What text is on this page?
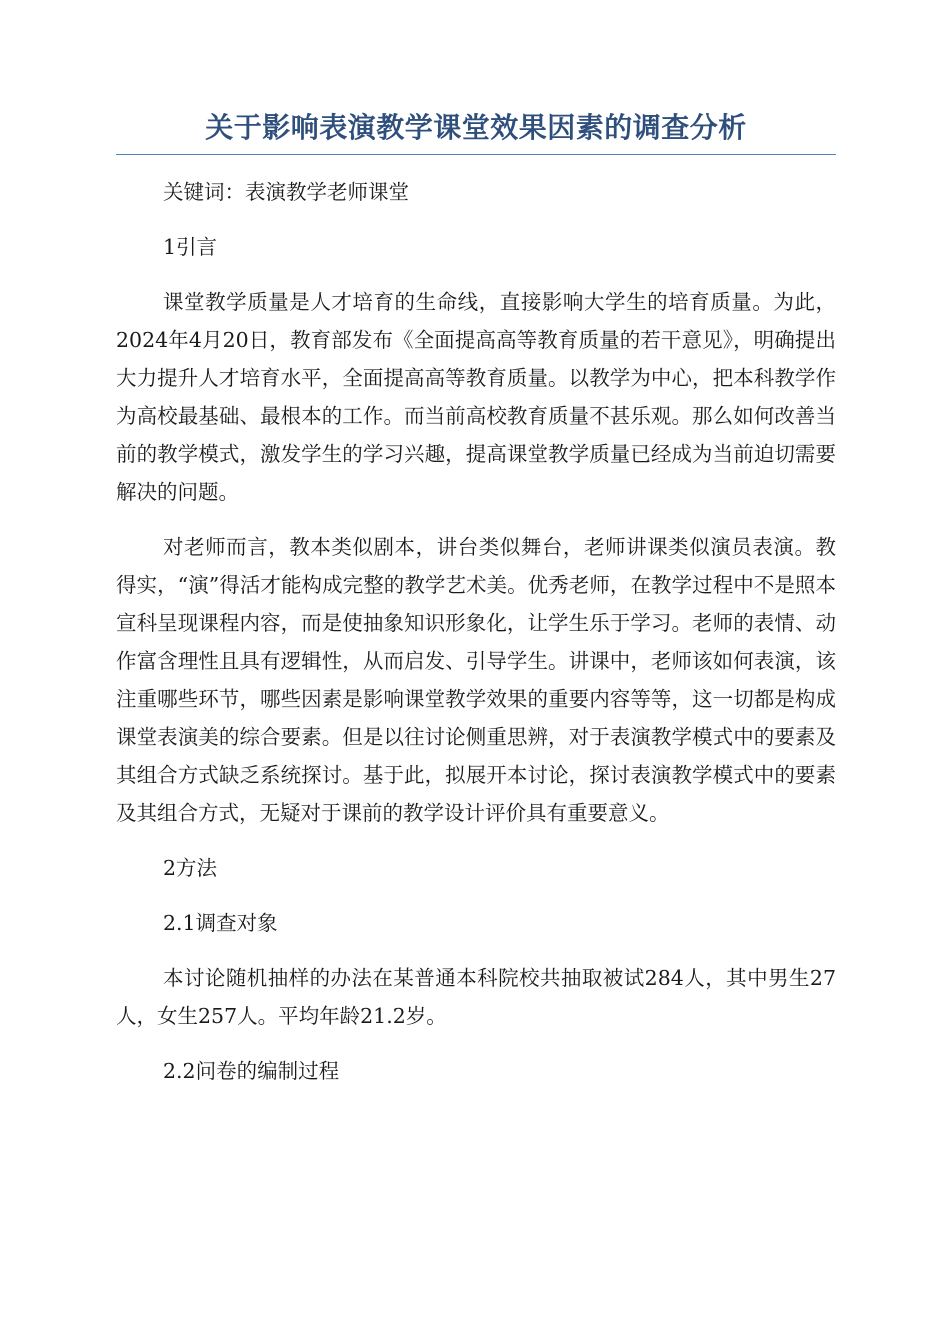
关于影响表演教学课堂效果因素的调查分析

关键词：表演教学老师课堂

1引言

课堂教学质量是人才培育的生命线，直接影响大学生的培育质量。为此，2024年4月20日，教育部发布《全面提高高等教育质量的若干意见》，明确提出大力提升人才培育水平，全面提高高等教育质量。以教学为中心，把本科教学作为高校最基础、最根本的工作。而当前高校教育质量不甚乐观。那么如何改善当前的教学模式，激发学生的学习兴趣，提高课堂教学质量已经成为当前迫切需要解决的问题。

对老师而言，教本类似剧本，讲台类似舞台，老师讲课类似演员表演。教得实，“演”得活才能构成完整的教学艺术美。优秀老师，在教学过程中不是照本宣科呈现课程内容，而是使抽象知识形象化，让学生乐于学习。老师的表情、动作富含理性且具有逻辑性，从而启发、引导学生。讲课中，老师该如何表演，该注重哪些环节，哪些因素是影响课堂教学效果的重要内容等等，这一切都是构成课堂表演美的综合要素。但是以往讨论侧重思辨，对于表演教学模式中的要素及其组合方式缺乏系统探讨。基于此，拟展开本讨论，探讨表演教学模式中的要素及其组合方式，无疑对于课前的教学设计评价具有重要意义。

2方法

2.1调查对象

本讨论随机抽样的办法在某普通本科院校共抽取被试284人，其中男生27人，女生257人。平均年龄21.2岁。

2.2问卷的编制过程
